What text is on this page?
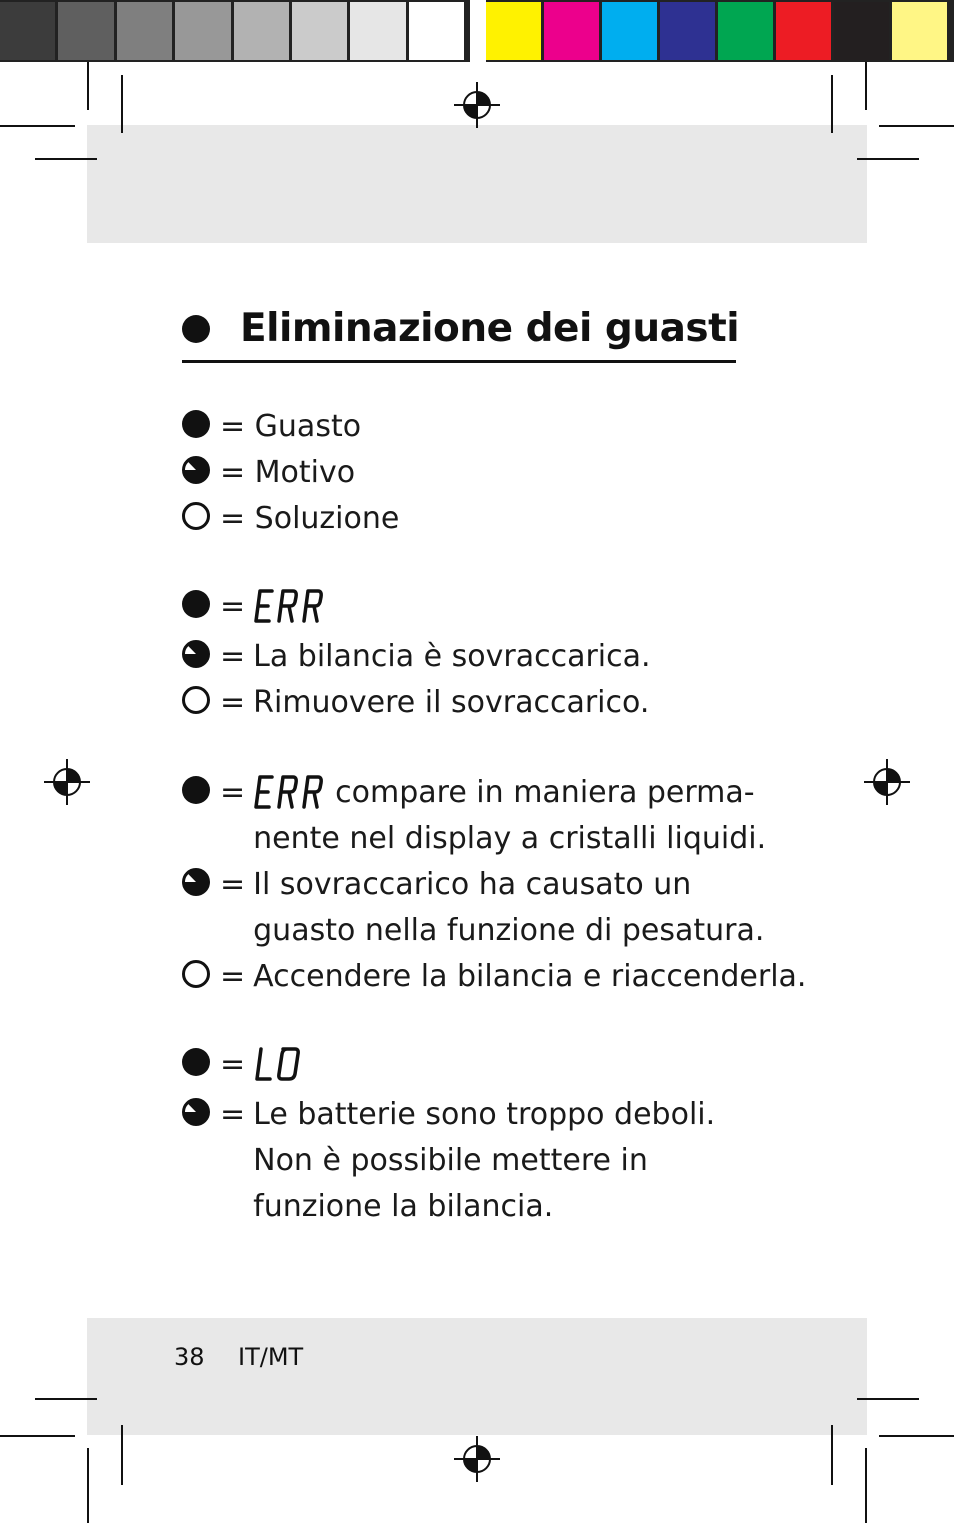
Eliminazione dei guasti
= Guasto
= Motivo
= Soluzione
=
= La bilancia è sovraccarica.
= Rimuovere il sovraccarico.
=	compare in maniera perma-nente nel display a cristalli liquidi.
= Il sovraccarico ha causato un guasto nella funzione di pesatura.
= Accendere la bilancia e riaccenderla.
=
= Le batterie sono troppo deboli. Non è possibile mettere in funzione la bilancia.
38 IT/MT
